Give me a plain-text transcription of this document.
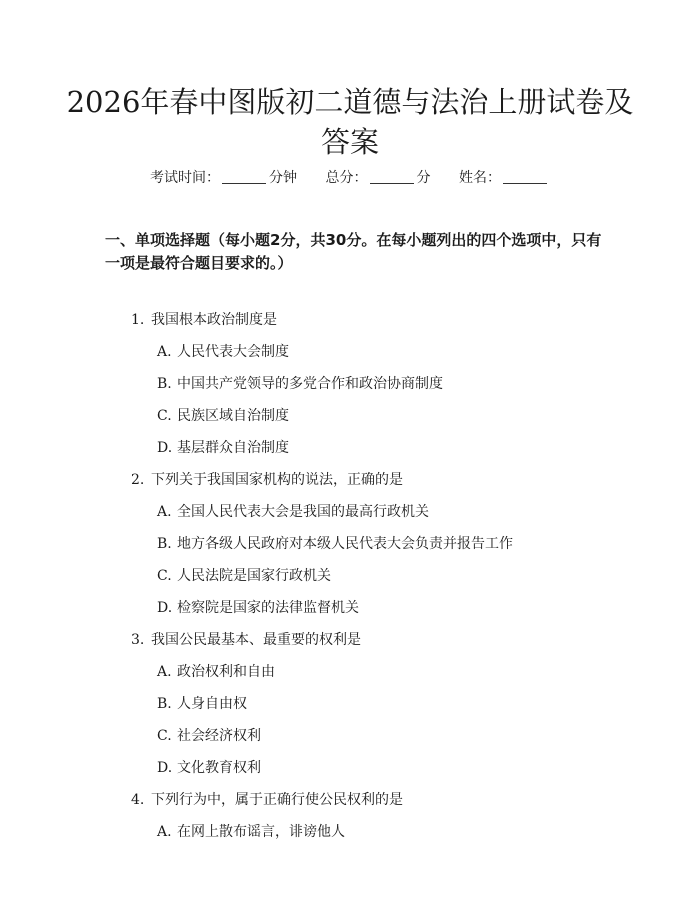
2026年春中图版初二道德与法治上册试卷及答案
考试时间：	分钟 总分：	分 姓名：
一、单项选择题（每小题2分，共30分。在每小题列出的四个选项中，只有一项是最符合题目要求的。）
1. 我国根本政治制度是
A. 人民代表大会制度
B. 中国共产党领导的多党合作和政治协商制度
C. 民族区域自治制度
D. 基层群众自治制度
2. 下列关于我国国家机构的说法，正确的是
A. 全国人民代表大会是我国的最高行政机关
B. 地方各级人民政府对本级人民代表大会负责并报告工作
C. 人民法院是国家行政机关
D. 检察院是国家的法律监督机关
3. 我国公民最基本、最重要的权利是
A. 政治权利和自由
B. 人身自由权
C. 社会经济权利
D. 文化教育权利
4. 下列行为中，属于正确行使公民权利的是
A. 在网上散布谣言，诽谤他人
